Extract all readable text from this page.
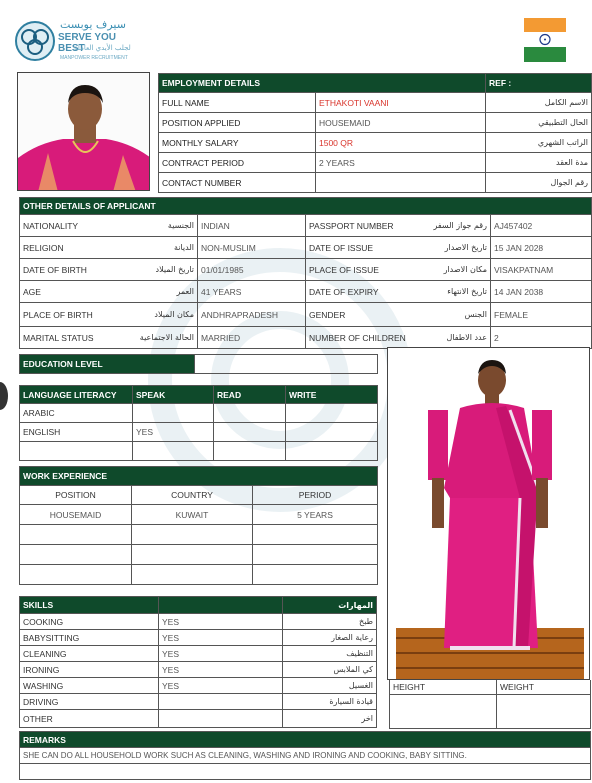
سيرف يوبست
SERVE YOU BEST
لجلب الأيدي العاملة
MANPOWER RECRUITMENT
EMPLOYMENT DETAILS		REF :
FULL NAME	ETHAKOTI VAANI	الاسم الكامل
POSITION APPLIED	HOUSEMAID	الحال التطبيقي
MONTHLY SALARY	1500 QR	الراتب الشهري
CONTRACT PERIOD	2 YEARS	مدة العقد
CONTACT NUMBER		رقم الجوال
OTHER DETAILS OF APPLICANT			

NATIONALITY الجنسية	INDIAN	PASSPORT NUMBER رقم جواز السفر	AJ457402

RELIGION الديانة	NON-MUSLIM	DATE OF ISSUE تاريخ الاصدار	15 JAN 2028

DATE OF BIRTH تاريخ الميلاد	01/01/1985	PLACE OF ISSUE مكان الاصدار	VISAKPATNAM

AGE العمر	41 YEARS	DATE OF EXPIRY تاريخ الانتهاء	14 JAN 2038

PLACE OF BIRTH مكان الميلاد	ANDHRAPRADESH	GENDER الجنس	FEMALE

MARITAL STATUS الحالة الاجتماعية	MARRIED	NUMBER OF CHILDREN عدد الاطفال	2
EDUCATION LEVEL	
LANGUAGE LITERACY	SPEAK	READ	WRITE
ARABIC			
ENGLISH	YES		

WORK EXPERIENCE		
POSITION	COUNTRY	PERIOD
HOUSEMAID	KUWAIT	5 YEARS

SKILLS		المهارات
COOKING	YES	طبخ
BABYSITTING	YES	رعاية الصغار
CLEANING	YES	التنظيف
IRONING	YES	كي الملابس
WASHING	YES	الغسيل
DRIVING		قيادة السيارة
OTHER		اخر
HEIGHT	WEIGHT

REMARKS
SHE CAN DO ALL HOUSEHOLD WORK SUCH AS CLEANING, WASHING AND IRONING AND COOKING, BABY SITTING.
